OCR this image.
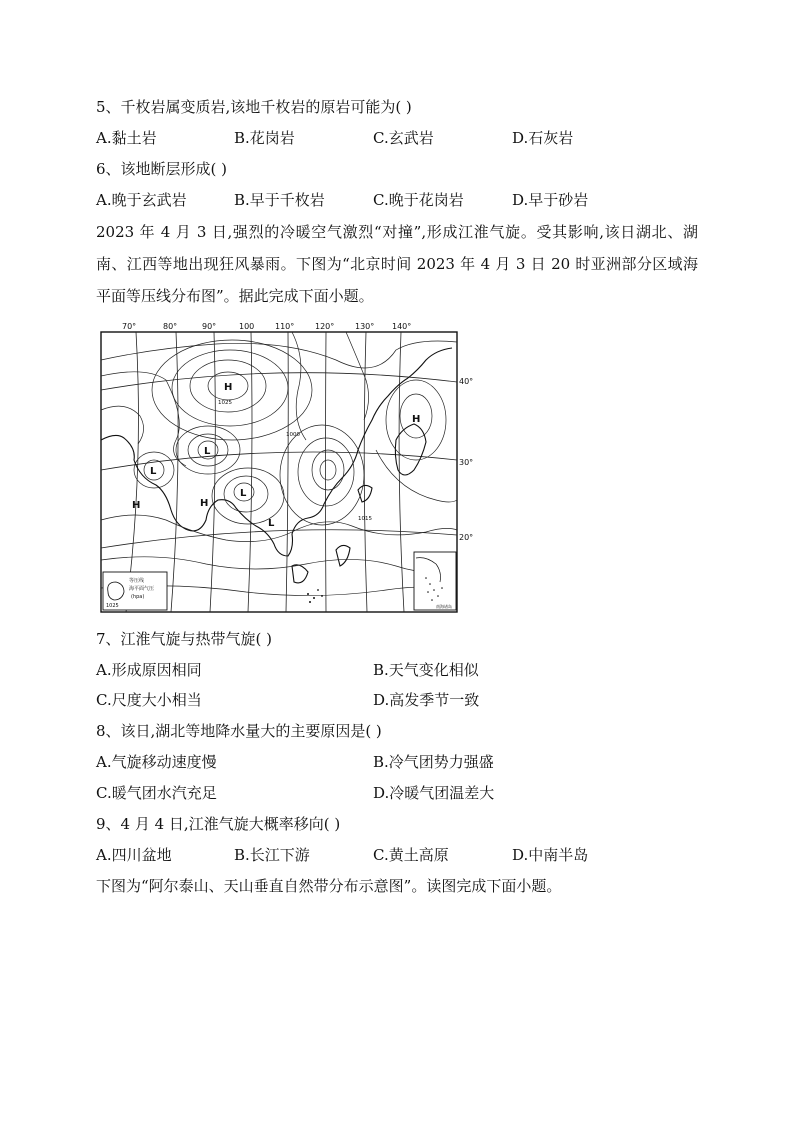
5、千枚岩属变质岩,该地千枚岩的原岩可能为( )
A.黏土岩	B.花岗岩	C.玄武岩	D.石灰岩
6、该地断层形成( )
A.晚于玄武岩	B.早于千枚岩	C.晚于花岗岩	D.早于砂岩
2023 年 4 月 3 日,强烈的冷暖空气激烈“对撞”,形成江淮气旋。受其影响,该日湖北、湖
南、江西等地出现狂风暴雨。下图为“北京时间 2023 年 4 月 3 日 20 时亚洲部分区域海
平面等压线分布图”。据此完成下面小题。
70°	80°	90°	100	110°	120°	130° 140°
40°
30°
20°
H
L
L
L
L
H
H
H
1025
1000
1015
等压线
海平面气压
(hpa)
1025	南海诸岛
7、江淮气旋与热带气旋( )
A.形成原因相同	B.天气变化相似
C.尺度大小相当	D.高发季节一致
8、该日,湖北等地降水量大的主要原因是( )
A.气旋移动速度慢	B.冷气团势力强盛
C.暖气团水汽充足	D.冷暖气团温差大
9、4 月 4 日,江淮气旋大概率移向( )
A.四川盆地	B.长江下游	C.黄土高原	D.中南半岛
下图为“阿尔泰山、天山垂直自然带分布示意图”。读图完成下面小题。
